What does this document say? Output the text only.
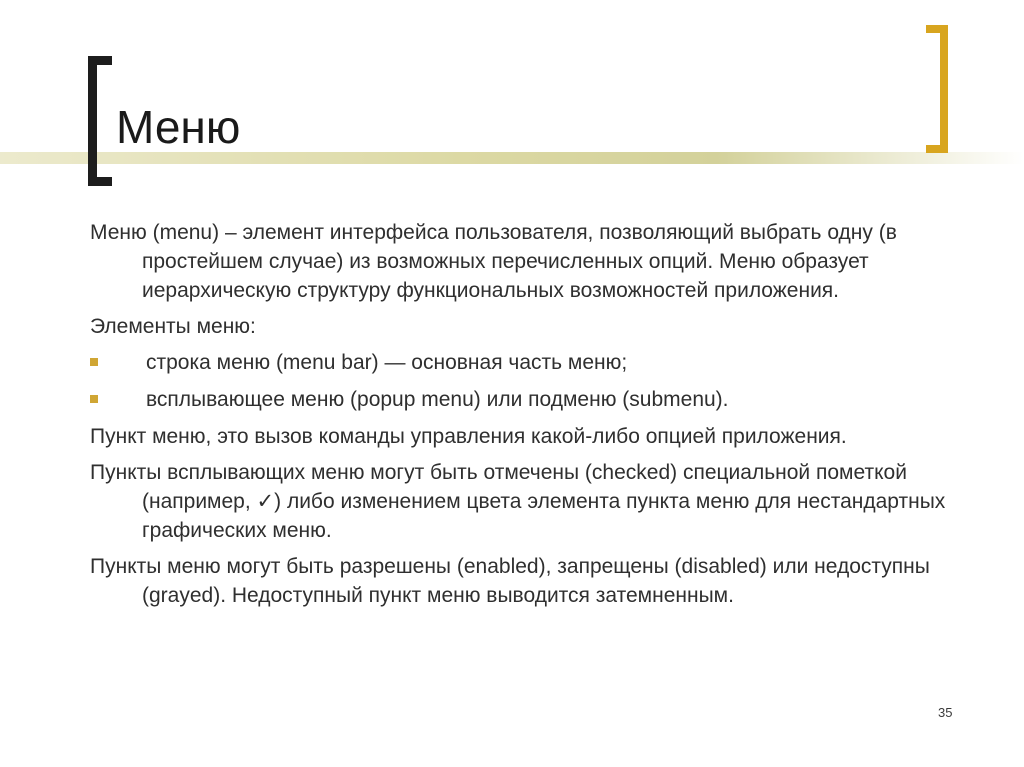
Меню

Меню (menu) – элемент интерфейса пользователя, позволяющий выбрать одну (в простейшем случае) из возможных перечисленных опций. Меню образует иерархическую структуру функциональных возможностей приложения.

Элементы меню:

строка меню (menu bar) — основная часть меню;
всплывающее меню (popup menu) или подменю (submenu).

Пункт меню, это вызов команды управления какой-либо опцией приложения.

Пункты всплывающих меню могут быть отмечены (checked) специальной пометкой (например, ✓) либо изменением цвета элемента пункта меню для нестандартных графических меню.

Пункты меню могут быть разрешены (enabled), запрещены (disabled) или недоступны (grayed). Недоступный пункт меню выводится затемненным.

35
